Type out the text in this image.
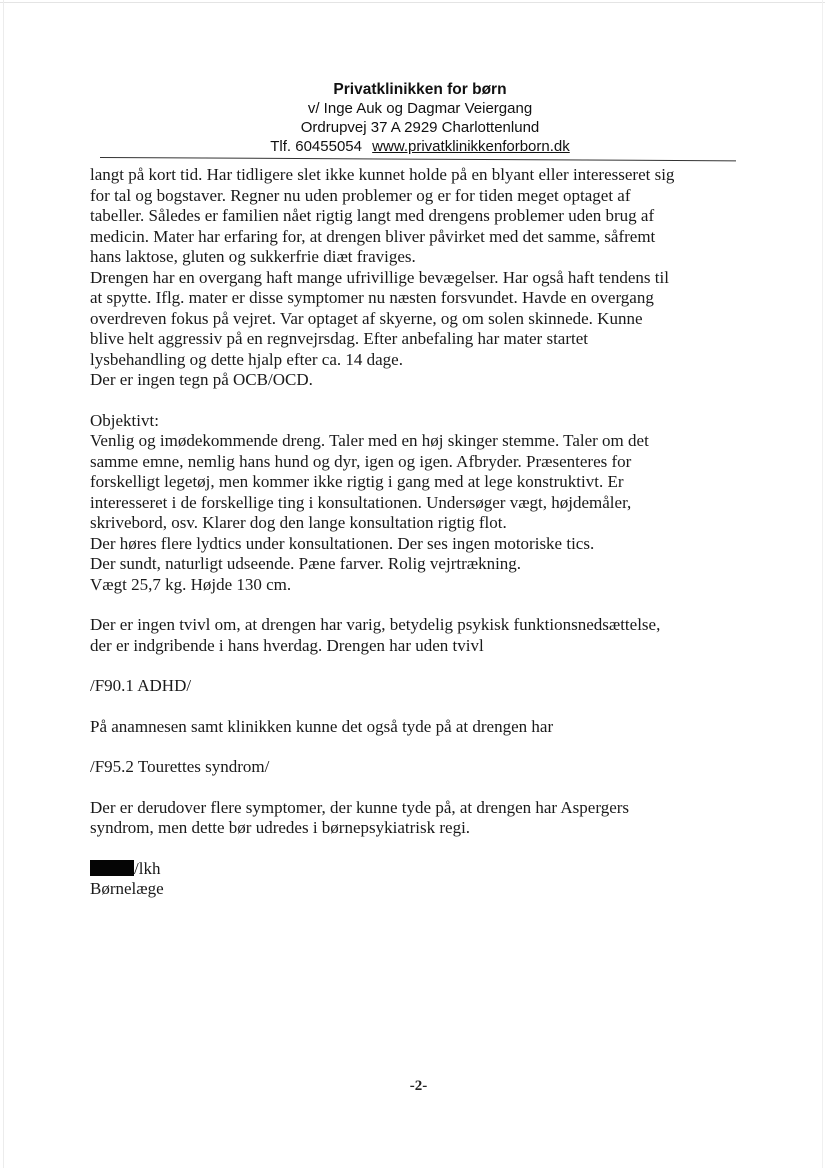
Privatklinikken for børn
v/ Inge Auk og Dagmar Veiergang
Ordrupvej 37 A 2929 Charlottenlund
Tlf. 60455054 www.privatklinikkenforborn.dk
langt på kort tid. Har tidligere slet ikke kunnet holde på en blyant eller interesseret sig
for tal og bogstaver. Regner nu uden problemer og er for tiden meget optaget af
tabeller. Således er familien nået rigtig langt med drengens problemer uden brug af
medicin. Mater har erfaring for, at drengen bliver påvirket med det samme, såfremt
hans laktose, gluten og sukkerfrie diæt fraviges.
Drengen har en overgang haft mange ufrivillige bevægelser. Har også haft tendens til
at spytte. Iflg. mater er disse symptomer nu næsten forsvundet. Havde en overgang
overdreven fokus på vejret. Var optaget af skyerne, og om solen skinnede. Kunne
blive helt aggressiv på en regnvejrsdag. Efter anbefaling har mater startet
lysbehandling og dette hjalp efter ca. 14 dage.
Der er ingen tegn på OCB/OCD.
Objektivt:
Venlig og imødekommende dreng. Taler med en høj skinger stemme. Taler om det
samme emne, nemlig hans hund og dyr, igen og igen. Afbryder. Præsenteres for
forskelligt legetøj, men kommer ikke rigtig i gang med at lege konstruktivt. Er
interesseret i de forskellige ting i konsultationen. Undersøger vægt, højdemåler,
skrivebord, osv. Klarer dog den lange konsultation rigtig flot.
Der høres flere lydtics under konsultationen. Der ses ingen motoriske tics.
Der sundt, naturligt udseende. Pæne farver. Rolig vejrtrækning.
Vægt 25,7 kg. Højde 130 cm.
Der er ingen tvivl om, at drengen har varig, betydelig psykisk funktionsnedsættelse,
der er indgribende i hans hverdag. Drengen har uden tvivl
/F90.1 ADHD/
På anamnesen samt klinikken kunne det også tyde på at drengen har
/F95.2 Tourettes syndrom/
Der er derudover flere symptomer, der kunne tyde på, at drengen har Aspergers
syndrom, men dette bør udredes i børnepsykiatrisk regi.
/lkh
Børnelæge
-2-
